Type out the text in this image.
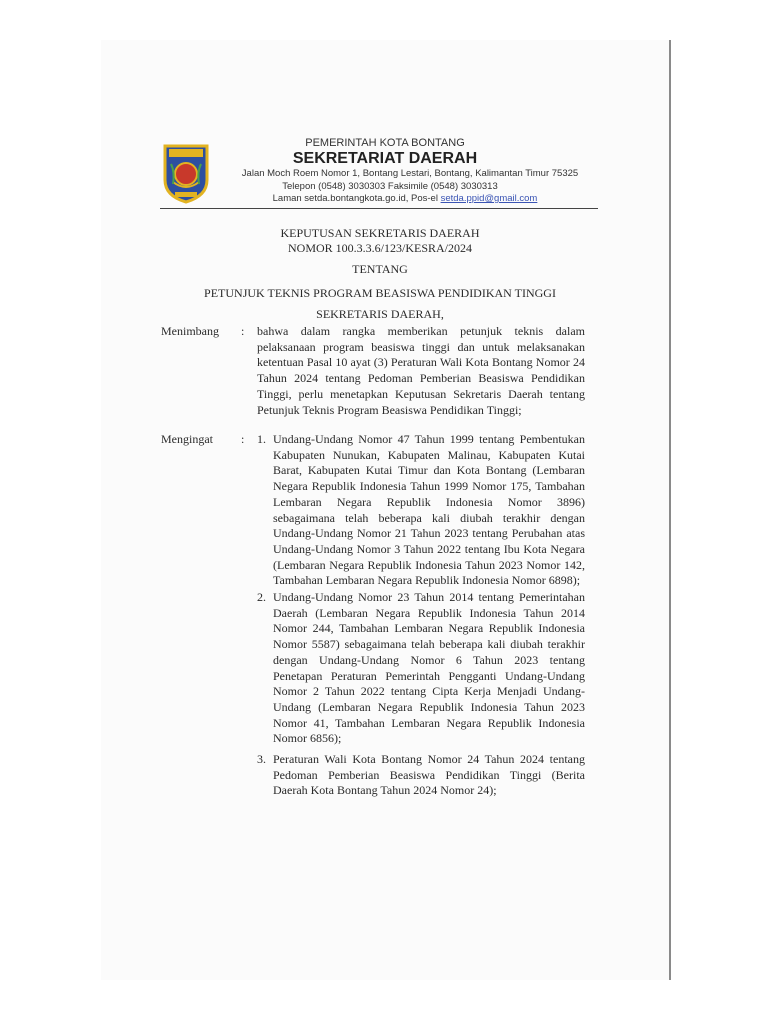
PEMERINTAH KOTA BONTANG
SEKRETARIAT DAERAH
Jalan Moch Roem Nomor 1, Bontang Lestari, Bontang, Kalimantan Timur 75325
Telepon (0548) 3030303 Faksimile (0548) 3030313
Laman setda.bontangkota.go.id, Pos-el setda.ppid@gmail.com
KEPUTUSAN SEKRETARIS DAERAH
NOMOR 100.3.3.6/123/KESRA/2024
TENTANG
PETUNJUK TEKNIS PROGRAM BEASISWA PENDIDIKAN TINGGI
SEKRETARIS DAERAH,
Menimbang : bahwa dalam rangka memberikan petunjuk teknis dalam pelaksanaan program beasiswa tinggi dan untuk melaksanakan ketentuan Pasal 10 ayat (3) Peraturan Wali Kota Bontang Nomor 24 Tahun 2024 tentang Pedoman Pemberian Beasiswa Pendidikan Tinggi, perlu menetapkan Keputusan Sekretaris Daerah tentang Petunjuk Teknis Program Beasiswa Pendidikan Tinggi;
Mengingat : 1. Undang-Undang Nomor 47 Tahun 1999 tentang Pembentukan Kabupaten Nunukan, Kabupaten Malinau, Kabupaten Kutai Barat, Kabupaten Kutai Timur dan Kota Bontang (Lembaran Negara Republik Indonesia Tahun 1999 Nomor 175, Tambahan Lembaran Negara Republik Indonesia Nomor 3896) sebagaimana telah beberapa kali diubah terakhir dengan Undang-Undang Nomor 21 Tahun 2023 tentang Perubahan atas Undang-Undang Nomor 3 Tahun 2022 tentang Ibu Kota Negara (Lembaran Negara Republik Indonesia Tahun 2023 Nomor 142, Tambahan Lembaran Negara Republik Indonesia Nomor 6898);
2. Undang-Undang Nomor 23 Tahun 2014 tentang Pemerintahan Daerah (Lembaran Negara Republik Indonesia Tahun 2014 Nomor 244, Tambahan Lembaran Negara Republik Indonesia Nomor 5587) sebagaimana telah beberapa kali diubah terakhir dengan Undang-Undang Nomor 6 Tahun 2023 tentang Penetapan Peraturan Pemerintah Pengganti Undang-Undang Nomor 2 Tahun 2022 tentang Cipta Kerja Menjadi Undang-Undang (Lembaran Negara Republik Indonesia Tahun 2023 Nomor 41, Tambahan Lembaran Negara Republik Indonesia Nomor 6856);
3. Peraturan Wali Kota Bontang Nomor 24 Tahun 2024 tentang Pedoman Pemberian Beasiswa Pendidikan Tinggi (Berita Daerah Kota Bontang Tahun 2024 Nomor 24);
